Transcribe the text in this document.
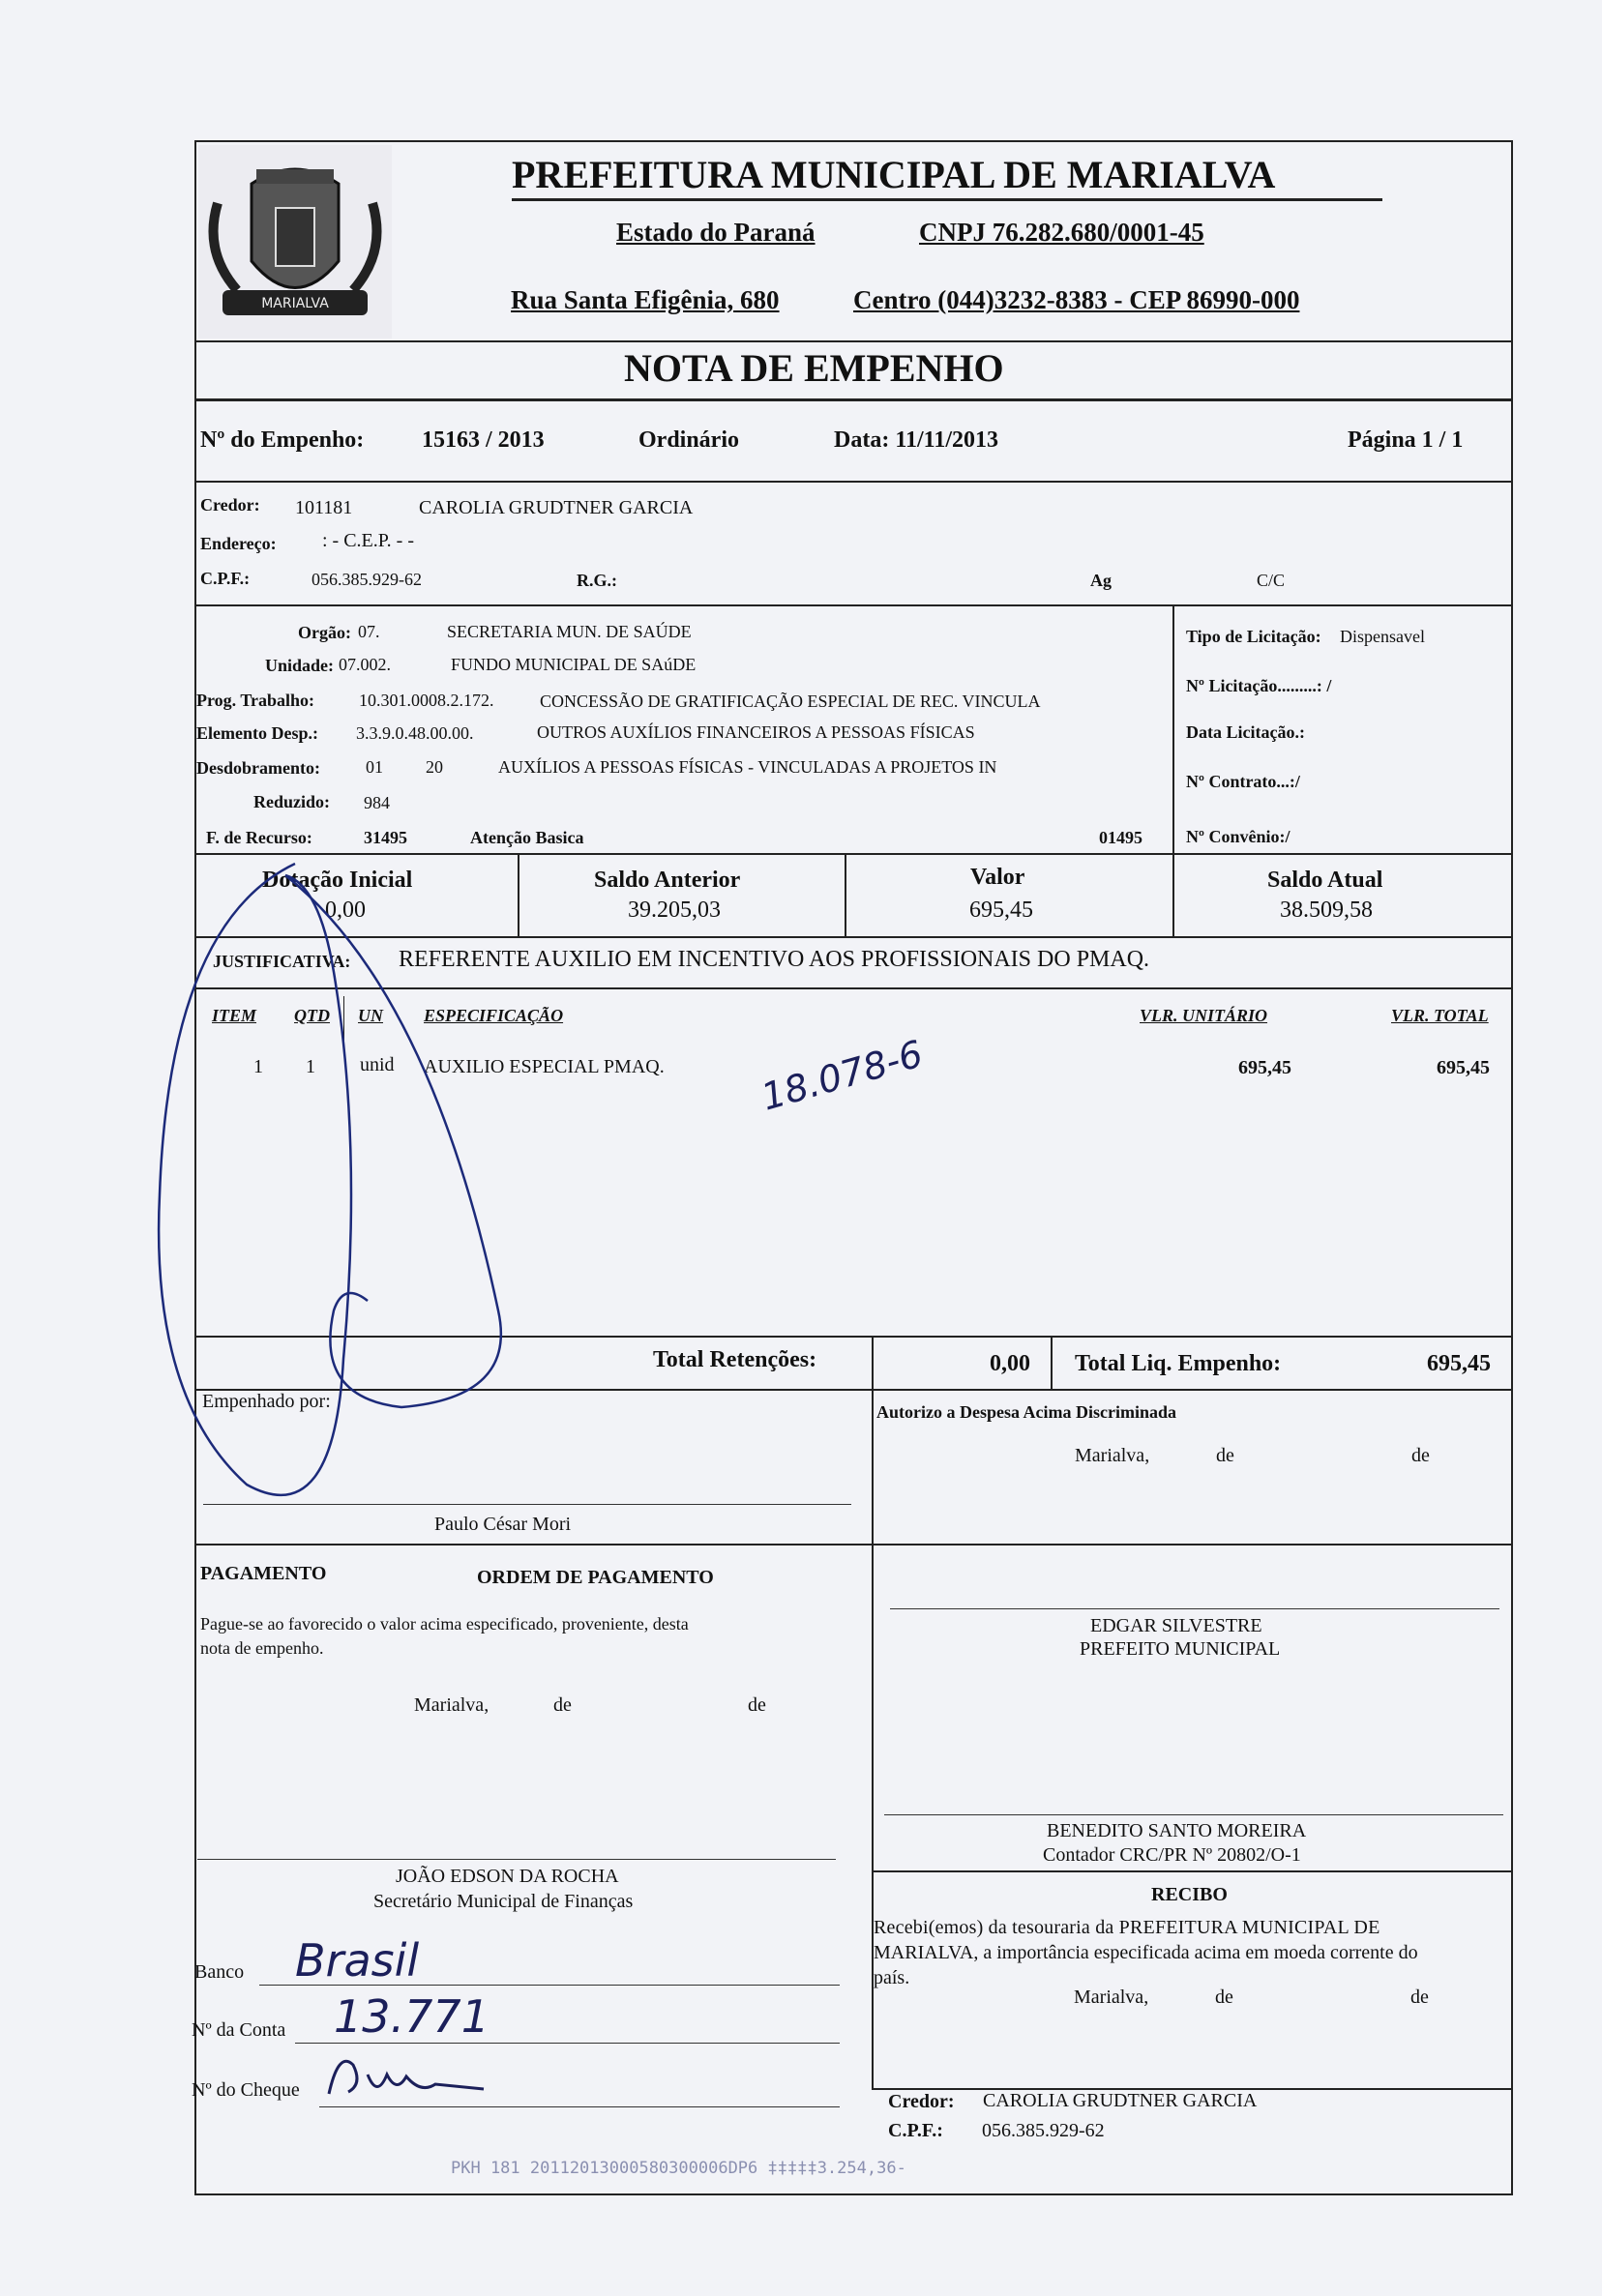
MARIALVA
PREFEITURA MUNICIPAL DE MARIALVA
Estado do Paraná	CNPJ 76.282.680/0001-45
Rua Santa Efigênia, 680	Centro (044)3232-8383 - CEP 86990-000
NOTA DE EMPENHO
Nº do Empenho: 15163 / 2013	Ordinário	Data: 11/11/2013	Página 1 / 1
Credor: 101181	CAROLIA GRUDTNER GARCIA
Endereço: : - C.E.P. - -
C.P.F.:	056.385.929-62	R.G.:	Ag	C/C
Orgão: 07.	SECRETARIA MUN. DE SAÚDE
Unidade: 07.002.	FUNDO MUNICIPAL DE SAúDE
Prog. Trabalho:	10.301.0008.2.172.	CONCESSÃO DE GRATIFICAÇÃO ESPECIAL DE REC. VINCULA
Elemento Desp.: 3.3.9.0.48.00.00.	OUTROS AUXÍLIOS FINANCEIROS A PESSOAS FÍSICAS
Desdobramento:	01 20	AUXÍLIOS A PESSOAS FÍSICAS - VINCULADAS A PROJETOS IN
Reduzido: 984
F. de Recurso:	31495	Atenção Basica	01495
Tipo de Licitação: Dispensavel
Nº Licitação.........: /
Data Licitação.:
Nº Contrato...:/
Nº Convênio:/
Dotação Inicial
0,00
Saldo Anterior
39.205,03
Valor
695,45
Saldo Atual
38.509,58
JUSTIFICATIVA: REFERENTE AUXILIO EM INCENTIVO AOS PROFISSIONAIS DO PMAQ.
ITEM QTD UN ESPECIFICAÇÃO	VLR. UNITÁRIO	VLR. TOTAL
1 1 unid AUXILIO ESPECIAL PMAQ.	695,45	695,45
18.078-6
Total Retenções:	0,00 Total Liq. Empenho:	695,45
Empenhado por:
Paulo César Mori
Autorizo a Despesa Acima Discriminada
Marialva,	de	de
PAGAMENTO	ORDEM DE PAGAMENTO
Pague-se ao favorecido o valor acima especificado, proveniente, desta
nota de empenho.
Marialva,	de	de
EDGAR SILVESTRE
PREFEITO MUNICIPAL
BENEDITO SANTO MOREIRA
Contador CRC/PR Nº 20802/O-1
JOÃO EDSON DA ROCHA
Secretário Municipal de Finanças	RECIBO
Recebi(emos) da tesouraria da PREFEITURA MUNICIPAL DE
MARIALVA, a importância especificada acima em moeda corrente do
país.
Marialva,	de	de
Credor: CAROLIA GRUDTNER GARCIA
C.P.F.: 056.385.929-62
Banco Brasil
Nº da Conta 13.771
Nº do Cheque
PKH 181 20112013000580300006DP6 ‡‡‡‡‡3.254,36-
